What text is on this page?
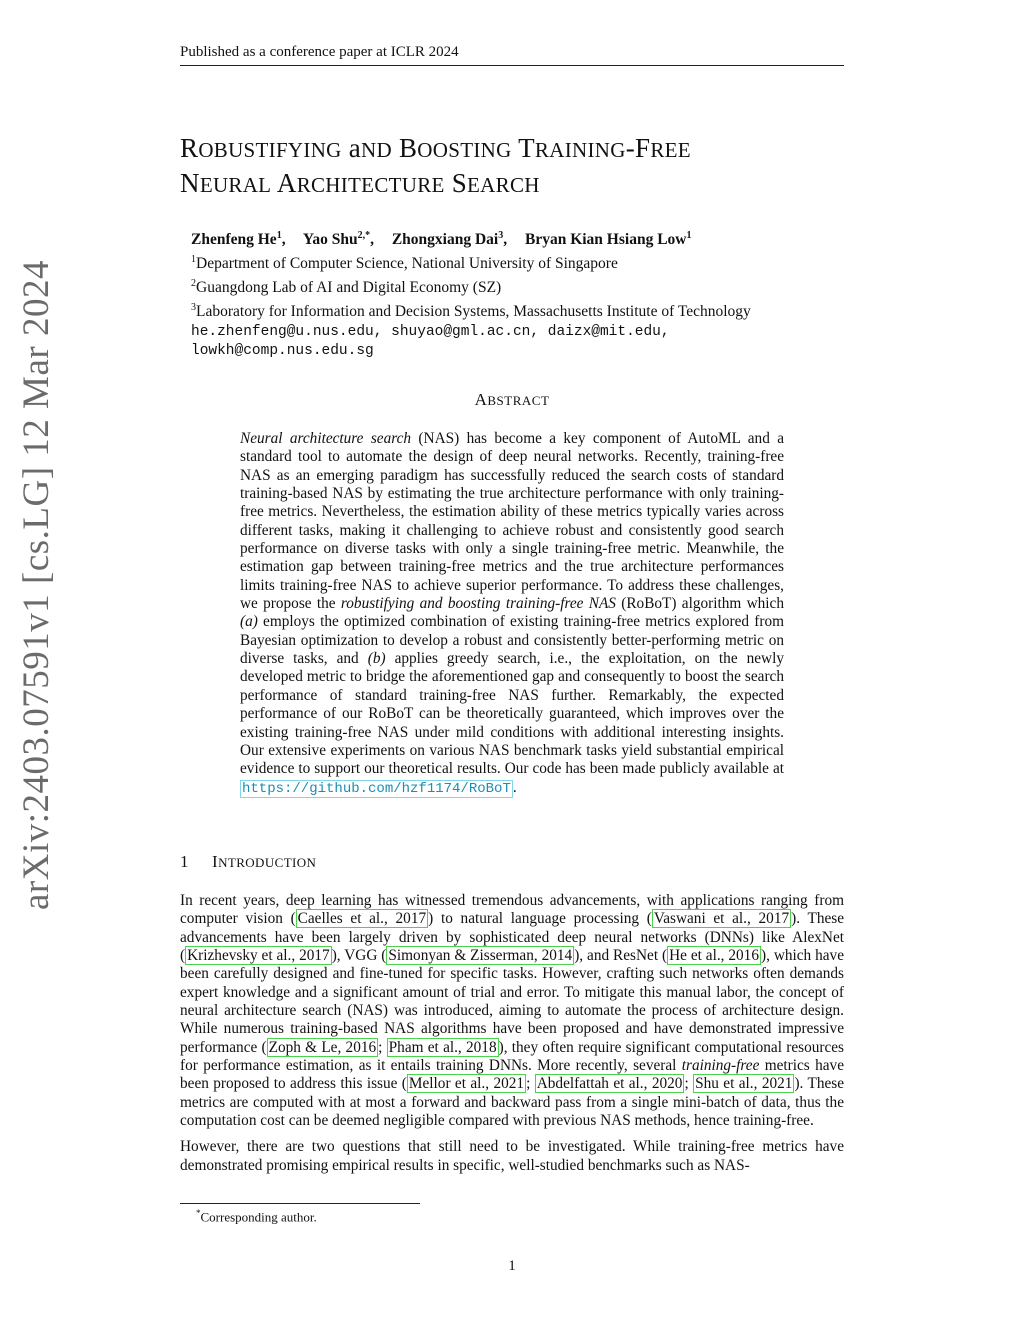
Published as a conference paper at ICLR 2024
arXiv:2403.07591v1 [cs.LG] 12 Mar 2024
ROBUSTIFYING aND BOOSTING TRAINING-FREE
NEURAL ARCHITECTURE SEARCH
Zhenfeng He$^1$, Yao Shu$^{2,*}$, Zhongxiang Dai$^3$, Bryan Kian Hsiang Low$^1$
$^1$Department of Computer Science, National University of Singapore
$^2$Guangdong Lab of AI and Digital Economy (SZ)
$^3$Laboratory for Information and Decision Systems, Massachusetts Institute of Technology
he.zhenfeng@u.nus.edu, shuyao@gml.ac.cn, daizx@mit.edu,
lowkh@comp.nus.edu.sg
ABSTRACT
Neural architecture search (NAS) has become a key component of AutoML and a standard tool to automate the design of deep neural networks. Recently, training-free NAS as an emerging paradigm has successfully reduced the search costs of standard training-based NAS by estimating the true architecture performance with only training-free metrics. Nevertheless, the estimation ability of these metrics typically varies across different tasks, making it challenging to achieve robust and consistently good search performance on diverse tasks with only a single training-free metric. Meanwhile, the estimation gap between training-free metrics and the true architecture performances limits training-free NAS to achieve superior performance. To address these challenges, we propose the robustifying and boosting training-free NAS (RoBoT) algorithm which (a) employs the optimized combination of existing training-free metrics explored from Bayesian optimization to develop a robust and consistently better-performing metric on diverse tasks, and (b) applies greedy search, i.e., the exploitation, on the newly developed metric to bridge the aforementioned gap and consequently to boost the search performance of standard training-free NAS further. Remarkably, the expected performance of our RoBoT can be theoretically guaranteed, which improves over the existing training-free NAS under mild conditions with additional interesting insights. Our extensive experiments on various NAS benchmark tasks yield substantial empirical evidence to support our theoretical results. Our code has been made publicly available at https://github.com/hzf1174/RoBoT .
1 INTRODUCTION

In recent years, deep learning has witnessed tremendous advancements, with applications ranging from computer vision ( Caelles et al., 2017 ) to natural language processing ( Vaswani et al., 2017 ). These advancements have been largely driven by sophisticated deep neural networks (DNNs) like AlexNet ( Krizhevsky et al., 2017 ), VGG ( Simonyan & Zisserman, 2014 ), and ResNet ( He et al., 2016 ), which have been carefully designed and fine-tuned for specific tasks. However, crafting such networks often demands expert knowledge and a significant amount of trial and error. To mitigate this manual labor, the concept of neural architecture search (NAS) was introduced, aiming to automate the process of architecture design. While numerous training-based NAS algorithms have been proposed and have demonstrated impressive performance ( Zoph & Le, 2016 ; Pham et al., 2018 ), they often require significant computational resources for performance estimation, as it entails training DNNs. More recently, several training-free metrics have been proposed to address this issue ( Mellor et al., 2021 ; Abdelfattah et al., 2020 ; Shu et al., 2021 ). These metrics are computed with at most a forward and backward pass from a single mini-batch of data, thus the computation cost can be deemed negligible compared with previous NAS methods, hence training-free.

However, there are two questions that still need to be investigated. While training-free metrics have demonstrated promising empirical results in specific, well-studied benchmarks such as NAS-

*Corresponding author.
1
